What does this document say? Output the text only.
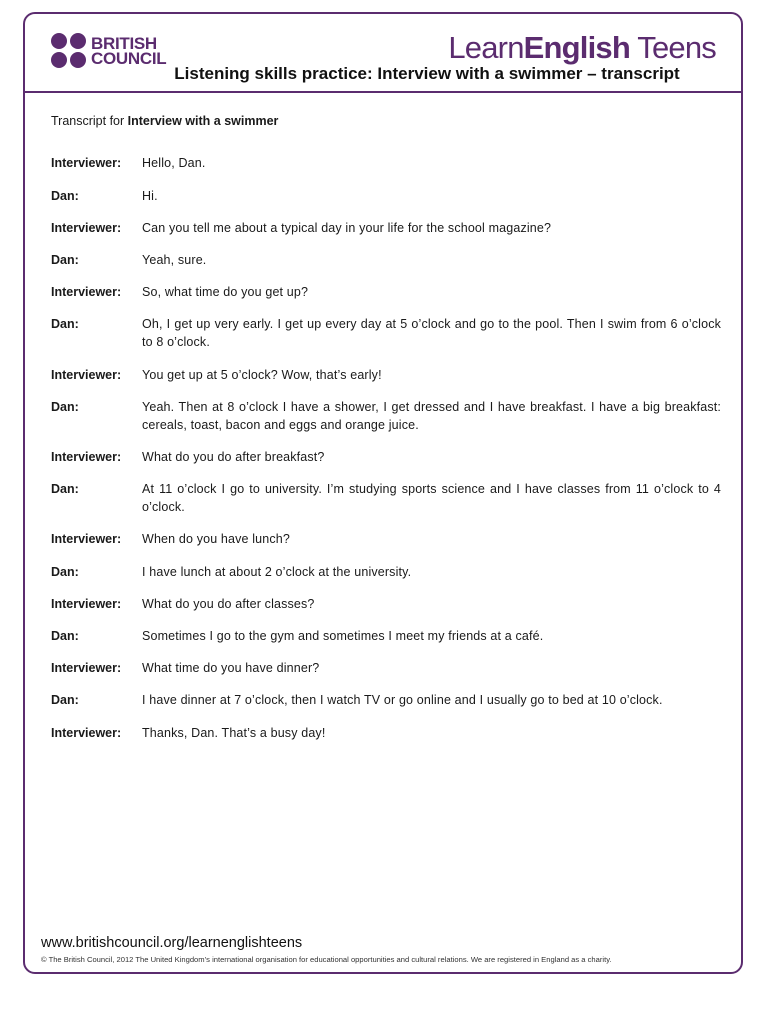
BRITISH
COUNCIL	LearnEnglish Teens
Listening skills practice: Interview with a swimmer – transcript
Transcript for Interview with a swimmer
Interviewer: Hello, Dan.
Dan:	Hi.
Interviewer: Can you tell me about a typical day in your life for the school magazine?
Dan:	Yeah, sure.
Interviewer: So, what time do you get up?
Dan:	Oh, I get up very early. I get up every day at 5 o’clock and go to the pool. Then I swim from 6 o’clock to 8 o’clock.
Interviewer: You get up at 5 o’clock? Wow, that’s early!
Dan:	Yeah. Then at 8 o’clock I have a shower, I get dressed and I have breakfast. I have a big breakfast: cereals, toast, bacon and eggs and orange juice.
Interviewer: What do you do after breakfast?
Dan:	At 11 o’clock I go to university. I’m studying sports science and I have classes from 11 o’clock to 4 o’clock.
Interviewer: When do you have lunch?
Dan:	I have lunch at about 2 o’clock at the university.
Interviewer: What do you do after classes?
Dan:	Sometimes I go to the gym and sometimes I meet my friends at a café.
Interviewer: What time do you have dinner?
Dan:	I have dinner at 7 o’clock, then I watch TV or go online and I usually go to bed at 10 o’clock.
Interviewer: Thanks, Dan. That’s a busy day!
www.britishcouncil.org/learnenglishteens
© The British Council, 2012 The United Kingdom’s international organisation for educational opportunities and cultural relations. We are registered in England as a charity.
